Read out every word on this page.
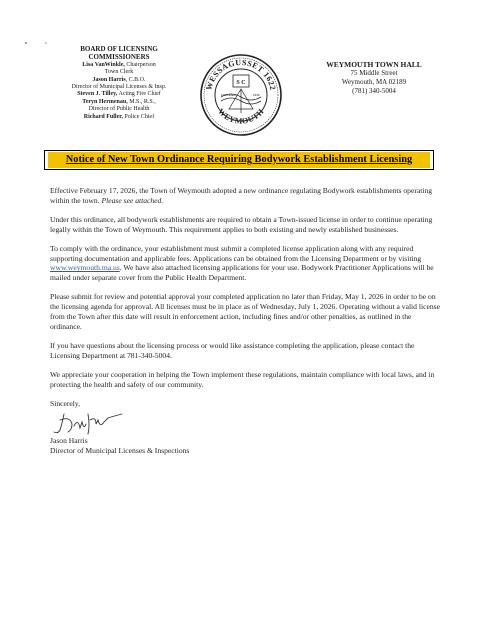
BOARD OF LICENSING
COMMISSIONERS
Lisa VanWinkle, Chairperson
Town Clerk
Jason Harris, C.B.O.
Director of Municipal Licenses & Insp.
Steven J. Tilley, Acting Fire Chief
Teryn Hermenau, M.S., R.S.,
Director of Public Health
Richard Fuller, Police Chief
WESSAGUSSET 1622
WEYMOUTH
S C
FOUNDED	1635
WEYMOUTH TOWN HALL
75 Middle Street
Weymouth, MA 02189
(781) 340-5004
Notice of New Town Ordinance Requiring Bodywork Establishment Licensing

Effective February 17, 2026, the Town of Weymouth adopted a new ordinance regulating Bodywork establishments operating within the town. Please see attached.

Under this ordinance, all bodywork establishments are required to obtain a Town-issued license in order to continue operating legally within the Town of Weymouth. This requirement applies to both existing and newly established businesses.

To comply with the ordinance, your establishment must submit a completed license application along with any required supporting documentation and applicable fees. Applications can be obtained from the Licensing Department or by visiting www.weymouth.ma.us. We have also attached licensing applications for your use. Bodywork Practitioner Applications will be mailed under separate cover from the Public Health Department.

Please submit for review and potential approval your completed application no later than Friday, May 1, 2026 in order to be on the licensing agenda for approval. All licenses must be in place as of Wednesday, July 1, 2026. Operating without a valid license from the Town after this date will result in enforcement action, including fines and/or other penalties, as outlined in the ordinance.

If you have questions about the licensing process or would like assistance completing the application, please contact the Licensing Department at 781-340-5004.

We appreciate your cooperation in helping the Town implement these regulations, maintain compliance with local laws, and in protecting the health and safety of our community.

Sincerely,
Jason Harris
Director of Municipal Licenses & Inspections
